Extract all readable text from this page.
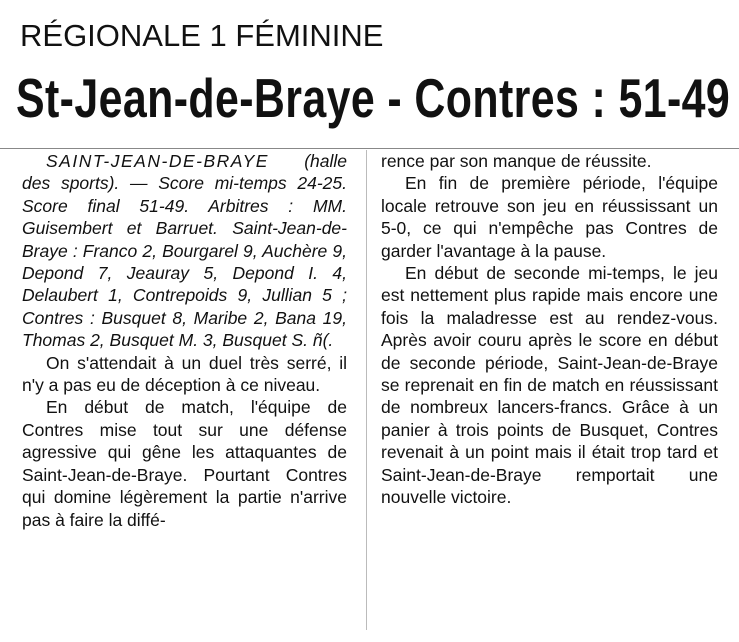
RÉGIONALE 1 FÉMININE
St-Jean-de-Braye - Contres : 51-49

SAINT-JEAN-DE-BRAYE (halle des sports). — Score mi-temps 24-25. Score final 51-49. Arbitres : MM. Guisembert et Barruet. Saint-Jean-de-Braye : Franco 2, Bourgarel 9, Auchère 9, Depond 7, Jeauray 5, Depond I. 4, Delaubert 1, Contrepoids 9, Jullian 5 ; Contres : Busquet 8, Maribe 2, Bana 19, Thomas 2, Busquet M. 3, Busquet S. ñ(.

On s'attendait à un duel très serré, il n'y a pas eu de déception à ce niveau.

En début de match, l'équipe de Contres mise tout sur une défense agressive qui gêne les attaquantes de Saint-Jean-de-Braye. Pourtant Contres qui domine légèrement la partie n'arrive pas à faire la diffé-

rence par son manque de réussite.

En fin de première période, l'équipe locale retrouve son jeu en réussissant un 5-0, ce qui n'empêche pas Contres de garder l'avantage à la pause.

En début de seconde mi-temps, le jeu est nettement plus rapide mais encore une fois la maladresse est au rendez-vous. Après avoir couru après le score en début de seconde période, Saint-Jean-de-Braye se reprenait en fin de match en réussissant de nombreux lancers-francs. Grâce à un panier à trois points de Busquet, Contres revenait à un point mais il était trop tard et Saint-Jean-de-Braye remportait une nouvelle victoire.
